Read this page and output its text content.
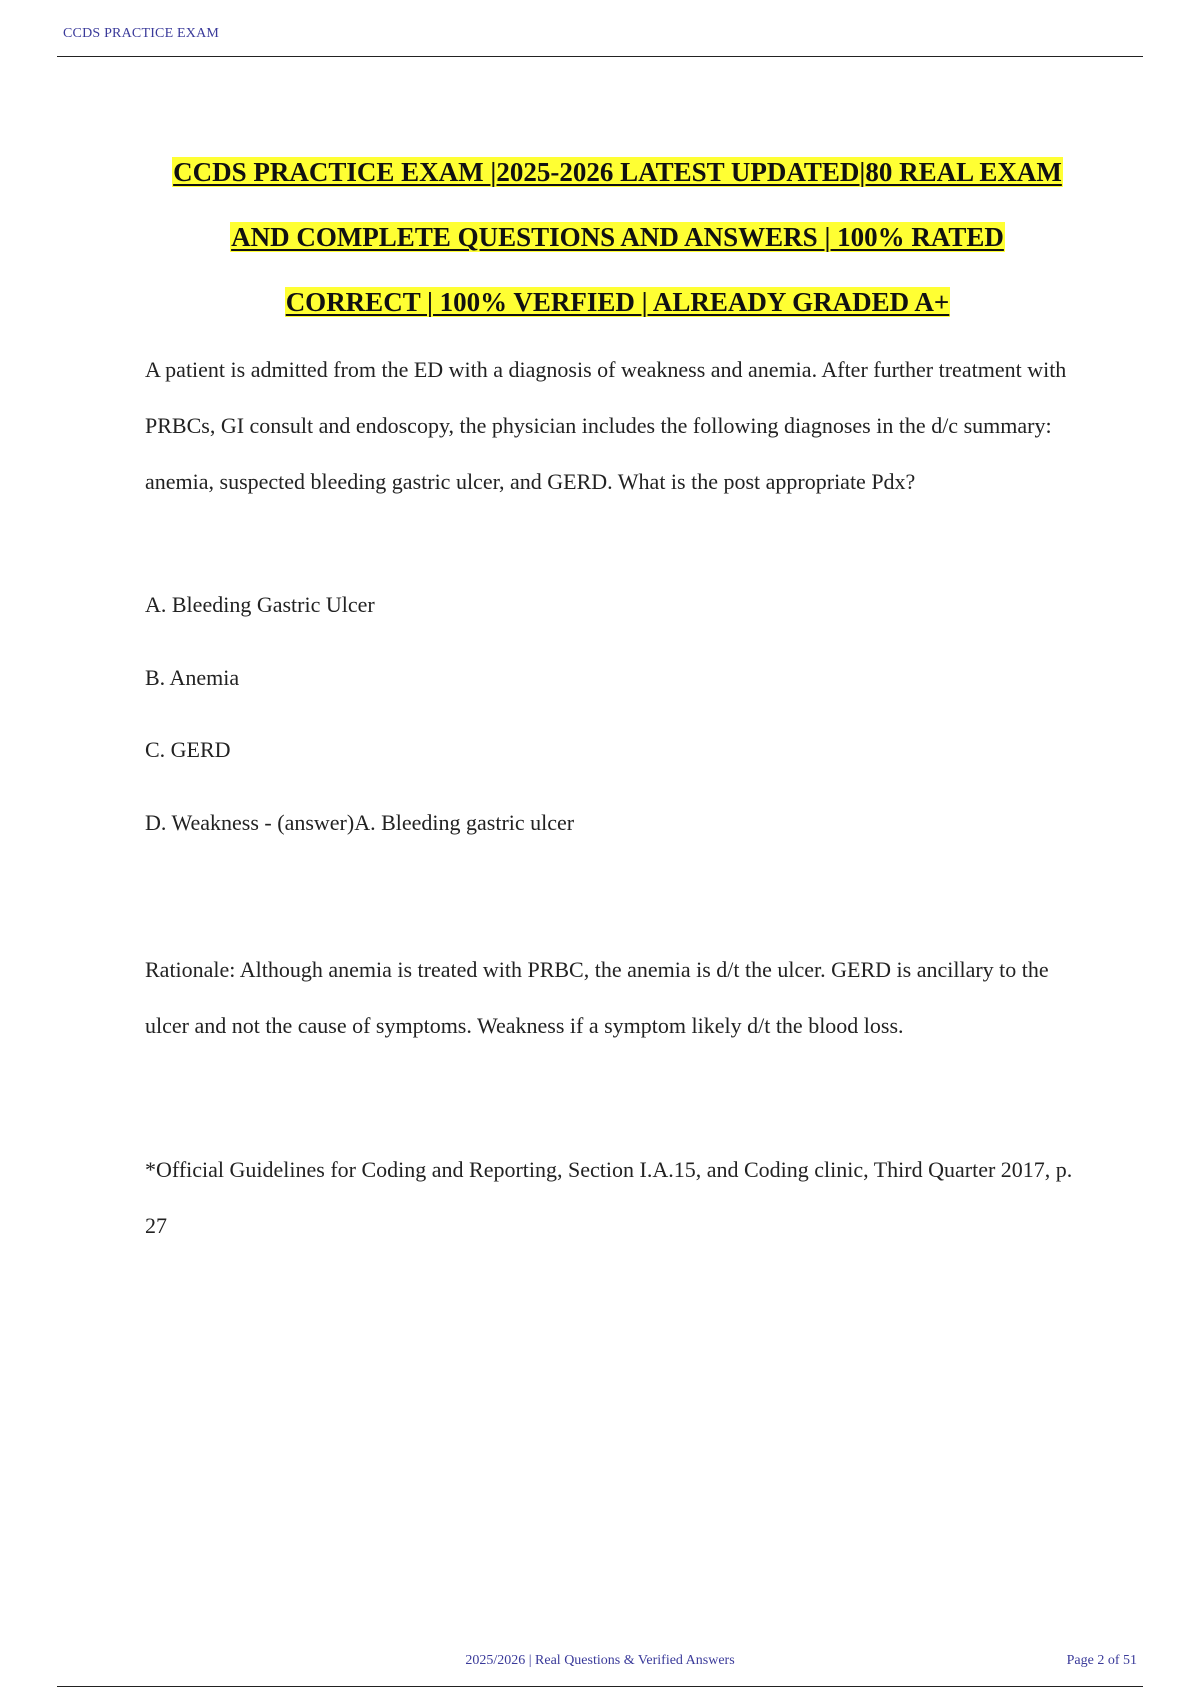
CCDS PRACTICE EXAM
CCDS PRACTICE EXAM |2025-2026 LATEST UPDATED|80 REAL EXAM
AND COMPLETE QUESTIONS AND ANSWERS | 100% RATED
CORRECT | 100% VERFIED | ALREADY GRADED A+
A patient is admitted from the ED with a diagnosis of weakness and anemia. After further treatment with PRBCs, GI consult and endoscopy, the physician includes the following diagnoses in the d/c summary: anemia, suspected bleeding gastric ulcer, and GERD. What is the post appropriate Pdx?
A. Bleeding Gastric Ulcer
B. Anemia
C. GERD
D. Weakness - (answer)A. Bleeding gastric ulcer
Rationale: Although anemia is treated with PRBC, the anemia is d/t the ulcer. GERD is ancillary to the ulcer and not the cause of symptoms. Weakness if a symptom likely d/t the blood loss.
*Official Guidelines for Coding and Reporting, Section I.A.15, and Coding clinic, Third Quarter 2017, p. 27
2025/2026 | Real Questions & Verified Answers	Page 2 of 51
